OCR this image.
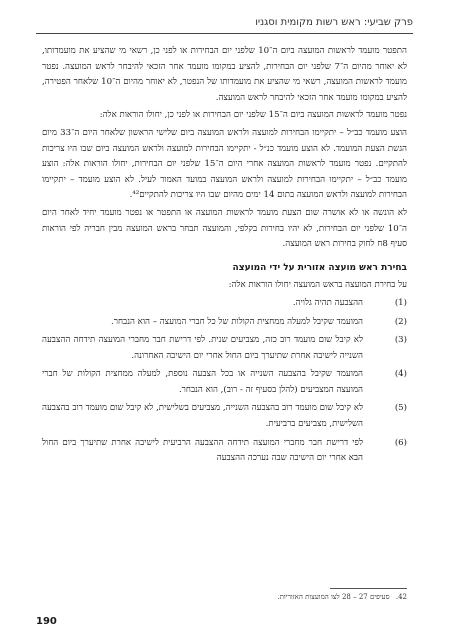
פרק שביעי: ראש רשות מקומית וסגניו

התפטר מועמד לראשות המועצה ביום ה־10 שלפני יום הבחירות או לפני כן, רשאי מי שהציע את מועמדותו, לא יאוחר מהיום ה־7 שלפני יום הבחירות, להציע במקומו מועמד אחר הזכאי להיבחר לראש המועצה. נפטר מועמד לראשות המועצה, רשאי מי שהציע את מועמדותו של הנפטר, לא יאוחר מהיום ה־10 שלאחר הפטירה, להציע במקומו מועמד אחר הזכאי להיבחר לראש המועצה.

נפטר מועמד לראשות המועצה ביום ה־15 שלפני יום הבחירות או לפני כן, יחולו הוראות אלה:

הוצע מועמד כב״ל – יתקיימו הבחירות למועצה ולראש המועצה ביום שלישי הראשון שלאחר היום ה־33 מיום הגשת הצעת המועמד. לא הוצע מועמד כנ״ל - יתקיימו הבחירות למועצה ולראש המועצה ביום שבו היו צריכות להתקיים. נפטר מועמד לראשות המועצה אחרי היום ה־15 שלפני יום הבחירות, יחולו הוראות אלה: הוצע מועמד כב״ל – יתקיימו הבחירות למועצה ולראש המועצה במועד האמור לעיל. לא הוצע מועמד – יתקיימו הבחירות למועצה ולראש המועצה בתום 14 ימים מהיום שבו היו צריכות להתקיים⁴².

לא הונשה או לא אושרה שום הצעת מועמד לראשות המועצה או התפטר או נפטר מועמד יחיד לאחר היום ה־10 שלפני יום הבחירות, לא יהיו בחירות בקלפי, והמועצה תבחר בראש המועצה מבין חבריה לפי הוראות סעיף 8ח לחוק בחירות ראש המועצה.

בחירת ראש מועצה אזורית על ידי המועצה

על בחירת המועצה בראש המועצה יחולו הוראות אלה:

(1)
ההצבעה תהיה גלויה.
(2)
המועמד שקיבל למעלה ממחצית הקולות של כל חברי המועצה – הוא הנבחר.
(3)
לא קיבל שום מועמד רוב כזה, מצביעים שנית. לפי דרישת חבר מחברי המועצה תידחה ההצבעה השנייה לישיבה אחרת שתיערך ביום החול אחרי יום הישיבה האחרונה.
(4)
המועמד שקיבל בהצבעה השנייה או בכל הצבעה נוספת, למעלה ממחצית הקולות של חברי המועצה המצביעים (להלן בסעיף זה - רוב), הוא הנבחר.
(5)
לא קיבל שום מועמד רוב בהצבעה השנייה, מצביעים בשלישית, לא קיבל שום מועמד רוב בהצבעה השלישית, מצביעים ברביעית.
(6)
לפי דרישת חבר מחברי המועצה תידחה ההצבעה הרביעית לישיבה אחרת שתיערך ביום החול הבא אחרי יום הישיבה שבה נערכה ההצבעה
42. סעיפים 27 – 28 לצו המועצות האזוריות.
190
